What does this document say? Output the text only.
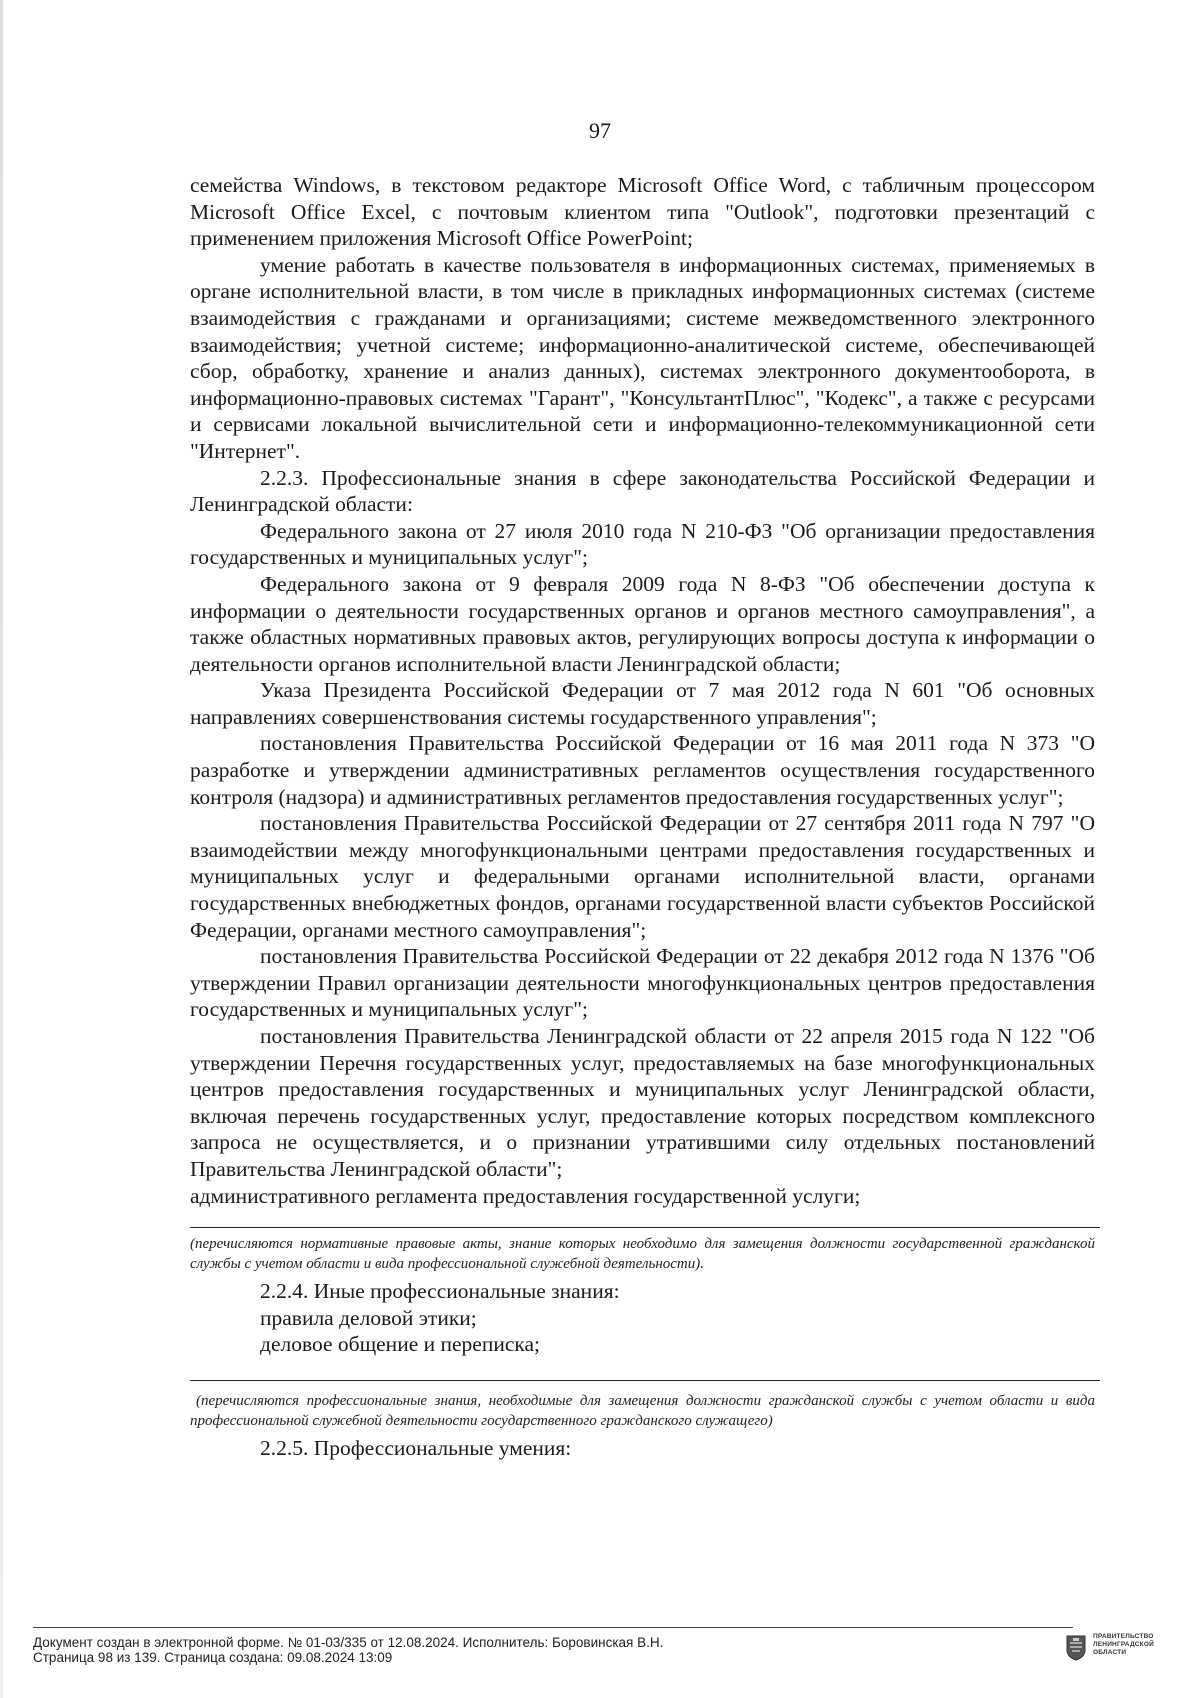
97

семейства Windows, в текстовом редакторе Microsoft Office Word, с табличным процессором Microsoft Office Excel, с почтовым клиентом типа "Outlook", подготовки презентаций с применением приложения Microsoft Office PowerPoint;

умение работать в качестве пользователя в информационных системах, применяемых в органе исполнительной власти, в том числе в прикладных информационных системах (системе взаимодействия с гражданами и организациями; системе межведомственного электронного взаимодействия; учетной системе; информационно-аналитической системе, обеспечивающей сбор, обработку, хранение и анализ данных), системах электронного документооборота, в информационно-правовых системах "Гарант", "КонсультантПлюс", "Кодекс", а также с ресурсами и сервисами локальной вычислительной сети и информационно-телекоммуникационной сети "Интернет".

2.2.3. Профессиональные знания в сфере законодательства Российской Федерации и Ленинградской области:

Федерального закона от 27 июля 2010 года N 210-ФЗ "Об организации предоставления государственных и муниципальных услуг";

Федерального закона от 9 февраля 2009 года N 8-ФЗ "Об обеспечении доступа к информации о деятельности государственных органов и органов местного самоуправления", а также областных нормативных правовых актов, регулирующих вопросы доступа к информации о деятельности органов исполнительной власти Ленинградской области;

Указа Президента Российской Федерации от 7 мая 2012 года N 601 "Об основных направлениях совершенствования системы государственного управления";

постановления Правительства Российской Федерации от 16 мая 2011 года N 373 "О разработке и утверждении административных регламентов осуществления государственного контроля (надзора) и административных регламентов предоставления государственных услуг";

постановления Правительства Российской Федерации от 27 сентября 2011 года N 797 "О взаимодействии между многофункциональными центрами предоставления государственных и муниципальных услуг и федеральными органами исполнительной власти, органами государственных внебюджетных фондов, органами государственной власти субъектов Российской Федерации, органами местного самоуправления";

постановления Правительства Российской Федерации от 22 декабря 2012 года N 1376 "Об утверждении Правил организации деятельности многофункциональных центров предоставления государственных и муниципальных услуг";

постановления Правительства Ленинградской области от 22 апреля 2015 года N 122 "Об утверждении Перечня государственных услуг, предоставляемых на базе многофункциональных центров предоставления государственных и муниципальных услуг Ленинградской области, включая перечень государственных услуг, предоставление которых посредством комплексного запроса не осуществляется, и о признании утратившими силу отдельных постановлений Правительства Ленинградской области";

административного регламента предоставления государственной услуги;

(перечисляются нормативные правовые акты, знание которых необходимо для замещения должности государственной гражданской службы с учетом области и вида профессиональной служебной деятельности).

2.2.4. Иные профессиональные знания:

правила деловой этики;

деловое общение и переписка;

(перечисляются профессиональные знания, необходимые для замещения должности гражданской службы с учетом области и вида профессиональной служебной деятельности государственного гражданского служащего)

2.2.5. Профессиональные умения:

Документ создан в электронной форме. № 01-03/335 от 12.08.2024. Исполнитель: Боровинская В.Н.
Страница 98 из 139. Страница создана: 09.08.2024 13:09
ПРАВИТЕЛЬСТВО
ЛЕНИНГРАДСКОЙ
ОБЛАСТИ
